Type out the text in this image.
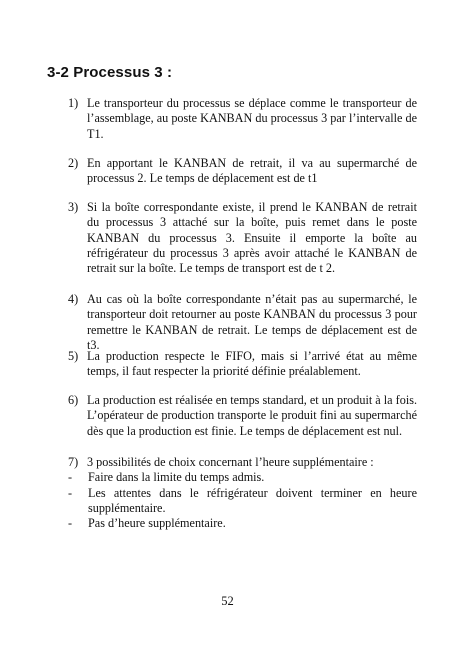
3-2 Processus 3 :
1) Le transporteur du processus se déplace comme le transporteur de l’assemblage, au poste KANBAN du processus 3 par l’intervalle de T1.
2) En apportant le KANBAN de retrait, il va au supermarché de processus 2. Le temps de déplacement est de t1
3) Si la boîte correspondante existe, il prend le KANBAN de retrait du processus 3 attaché sur la boîte, puis remet dans le poste KANBAN du processus 3. Ensuite il emporte la boîte au réfrigérateur du processus 3 après avoir attaché le KANBAN de retrait sur la boîte. Le temps de transport est de t 2.
4) Au cas où la boîte correspondante n’était pas au supermarché, le transporteur doit retourner au poste KANBAN du processus 3 pour remettre le KANBAN de retrait. Le temps de déplacement est de t3.
5) La production respecte le FIFO, mais si l’arrivé état au même temps, il faut respecter la priorité définie préalablement.
6) La production est réalisée en temps standard, et un produit à la fois. L’opérateur de production transporte le produit fini au supermarché dès que la production est finie. Le temps de déplacement est nul.
7) 3 possibilités de choix concernant l’heure supplémentaire :
- Faire dans la limite du temps admis.
- Les attentes dans le réfrigérateur doivent terminer en heure supplémentaire.
- Pas d’heure supplémentaire.
52
